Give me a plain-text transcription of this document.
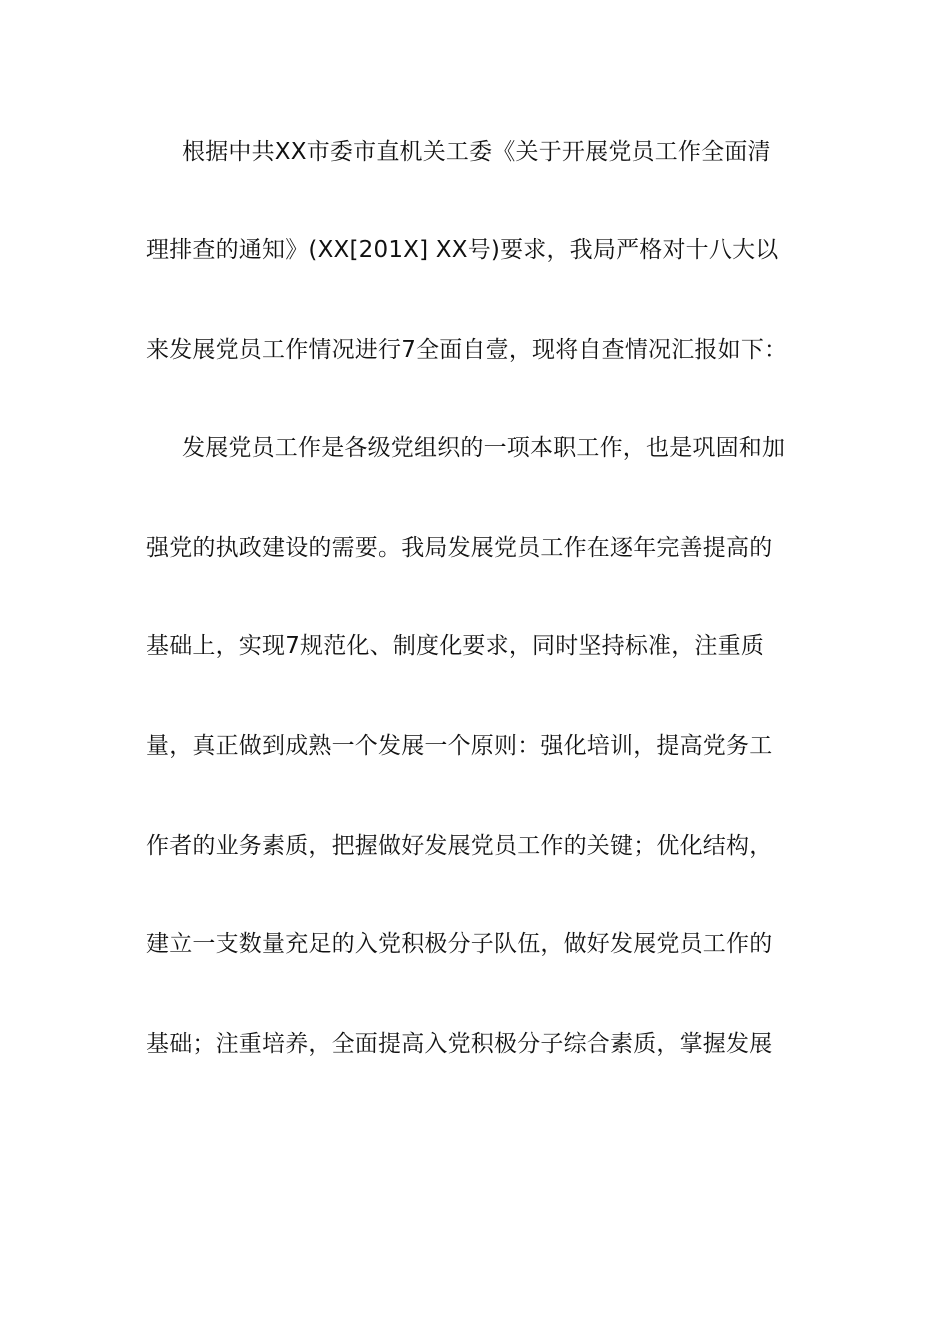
根据中共XX市委市直机关工委《关于开展党员工作全面清
理排查的通知》(XX[201X] XX号)要求，我局严格对十八大以
来发展党员工作情况进行7全面自壹，现将自查情况汇报如下：
发展党员工作是各级党组织的一项本职工作，也是巩固和加
强党的执政建设的需要。我局发展党员工作在逐年完善提高的
基础上，实现7规范化、制度化要求，同时坚持标准，注重质
量，真正做到成熟一个发展一个原则：强化培训，提高党务工
作者的业务素质，把握做好发展党员工作的关键；优化结构，
建立一支数量充足的入党积极分子队伍，做好发展党员工作的
基础；注重培养，全面提高入党积极分子综合素质，掌握发展
